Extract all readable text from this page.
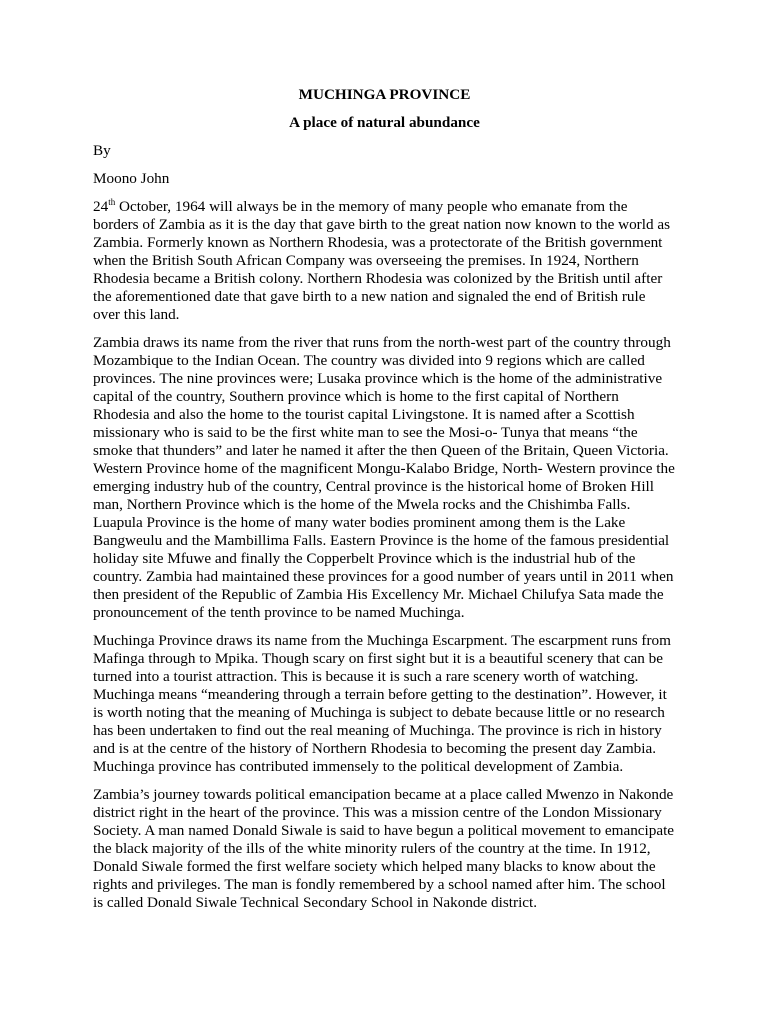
MUCHINGA PROVINCE
A place of natural abundance
By
Moono John

24th October, 1964 will always be in the memory of many people who emanate from the borders of Zambia as it is the day that gave birth to the great nation now known to the world as Zambia. Formerly known as Northern Rhodesia, was a protectorate of the British government when the British South African Company was overseeing the premises. In 1924, Northern Rhodesia became a British colony. Northern Rhodesia was colonized by the British until after the aforementioned date that gave birth to a new nation and signaled the end of British rule over this land.

Zambia draws its name from the river that runs from the north-west part of the country through Mozambique to the Indian Ocean. The country was divided into 9 regions which are called provinces. The nine provinces were; Lusaka province which is the home of the administrative capital of the country, Southern province which is home to the first capital of Northern Rhodesia and also the home to the tourist capital Livingstone. It is named after a Scottish missionary who is said to be the first white man to see the Mosi-o- Tunya that means “the smoke that thunders” and later he named it after the then Queen of the Britain, Queen Victoria. Western Province home of the magnificent Mongu-Kalabo Bridge, North- Western province the emerging industry hub of the country, Central province is the historical home of Broken Hill man, Northern Province which is the home of the Mwela rocks and the Chishimba Falls. Luapula Province is the home of many water bodies prominent among them is the Lake Bangweulu and the Mambillima Falls. Eastern Province is the home of the famous presidential holiday site Mfuwe and finally the Copperbelt Province which is the industrial hub of the country. Zambia had maintained these provinces for a good number of years until in 2011 when then president of the Republic of Zambia His Excellency Mr. Michael Chilufya Sata made the pronouncement of the tenth province to be named Muchinga.

Muchinga Province draws its name from the Muchinga Escarpment. The escarpment runs from Mafinga through to Mpika. Though scary on first sight but it is a beautiful scenery that can be turned into a tourist attraction. This is because it is such a rare scenery worth of watching. Muchinga means “meandering through a terrain before getting to the destination”. However, it is worth noting that the meaning of Muchinga is subject to debate because little or no research has been undertaken to find out the real meaning of Muchinga. The province is rich in history and is at the centre of the history of Northern Rhodesia to becoming the present day Zambia. Muchinga province has contributed immensely to the political development of Zambia.

Zambia’s journey towards political emancipation became at a place called Mwenzo in Nakonde district right in the heart of the province. This was a mission centre of the London Missionary Society. A man named Donald Siwale is said to have begun a political movement to emancipate the black majority of the ills of the white minority rulers of the country at the time. In 1912, Donald Siwale formed the first welfare society which helped many blacks to know about the rights and privileges. The man is fondly remembered by a school named after him. The school is called Donald Siwale Technical Secondary School in Nakonde district.
